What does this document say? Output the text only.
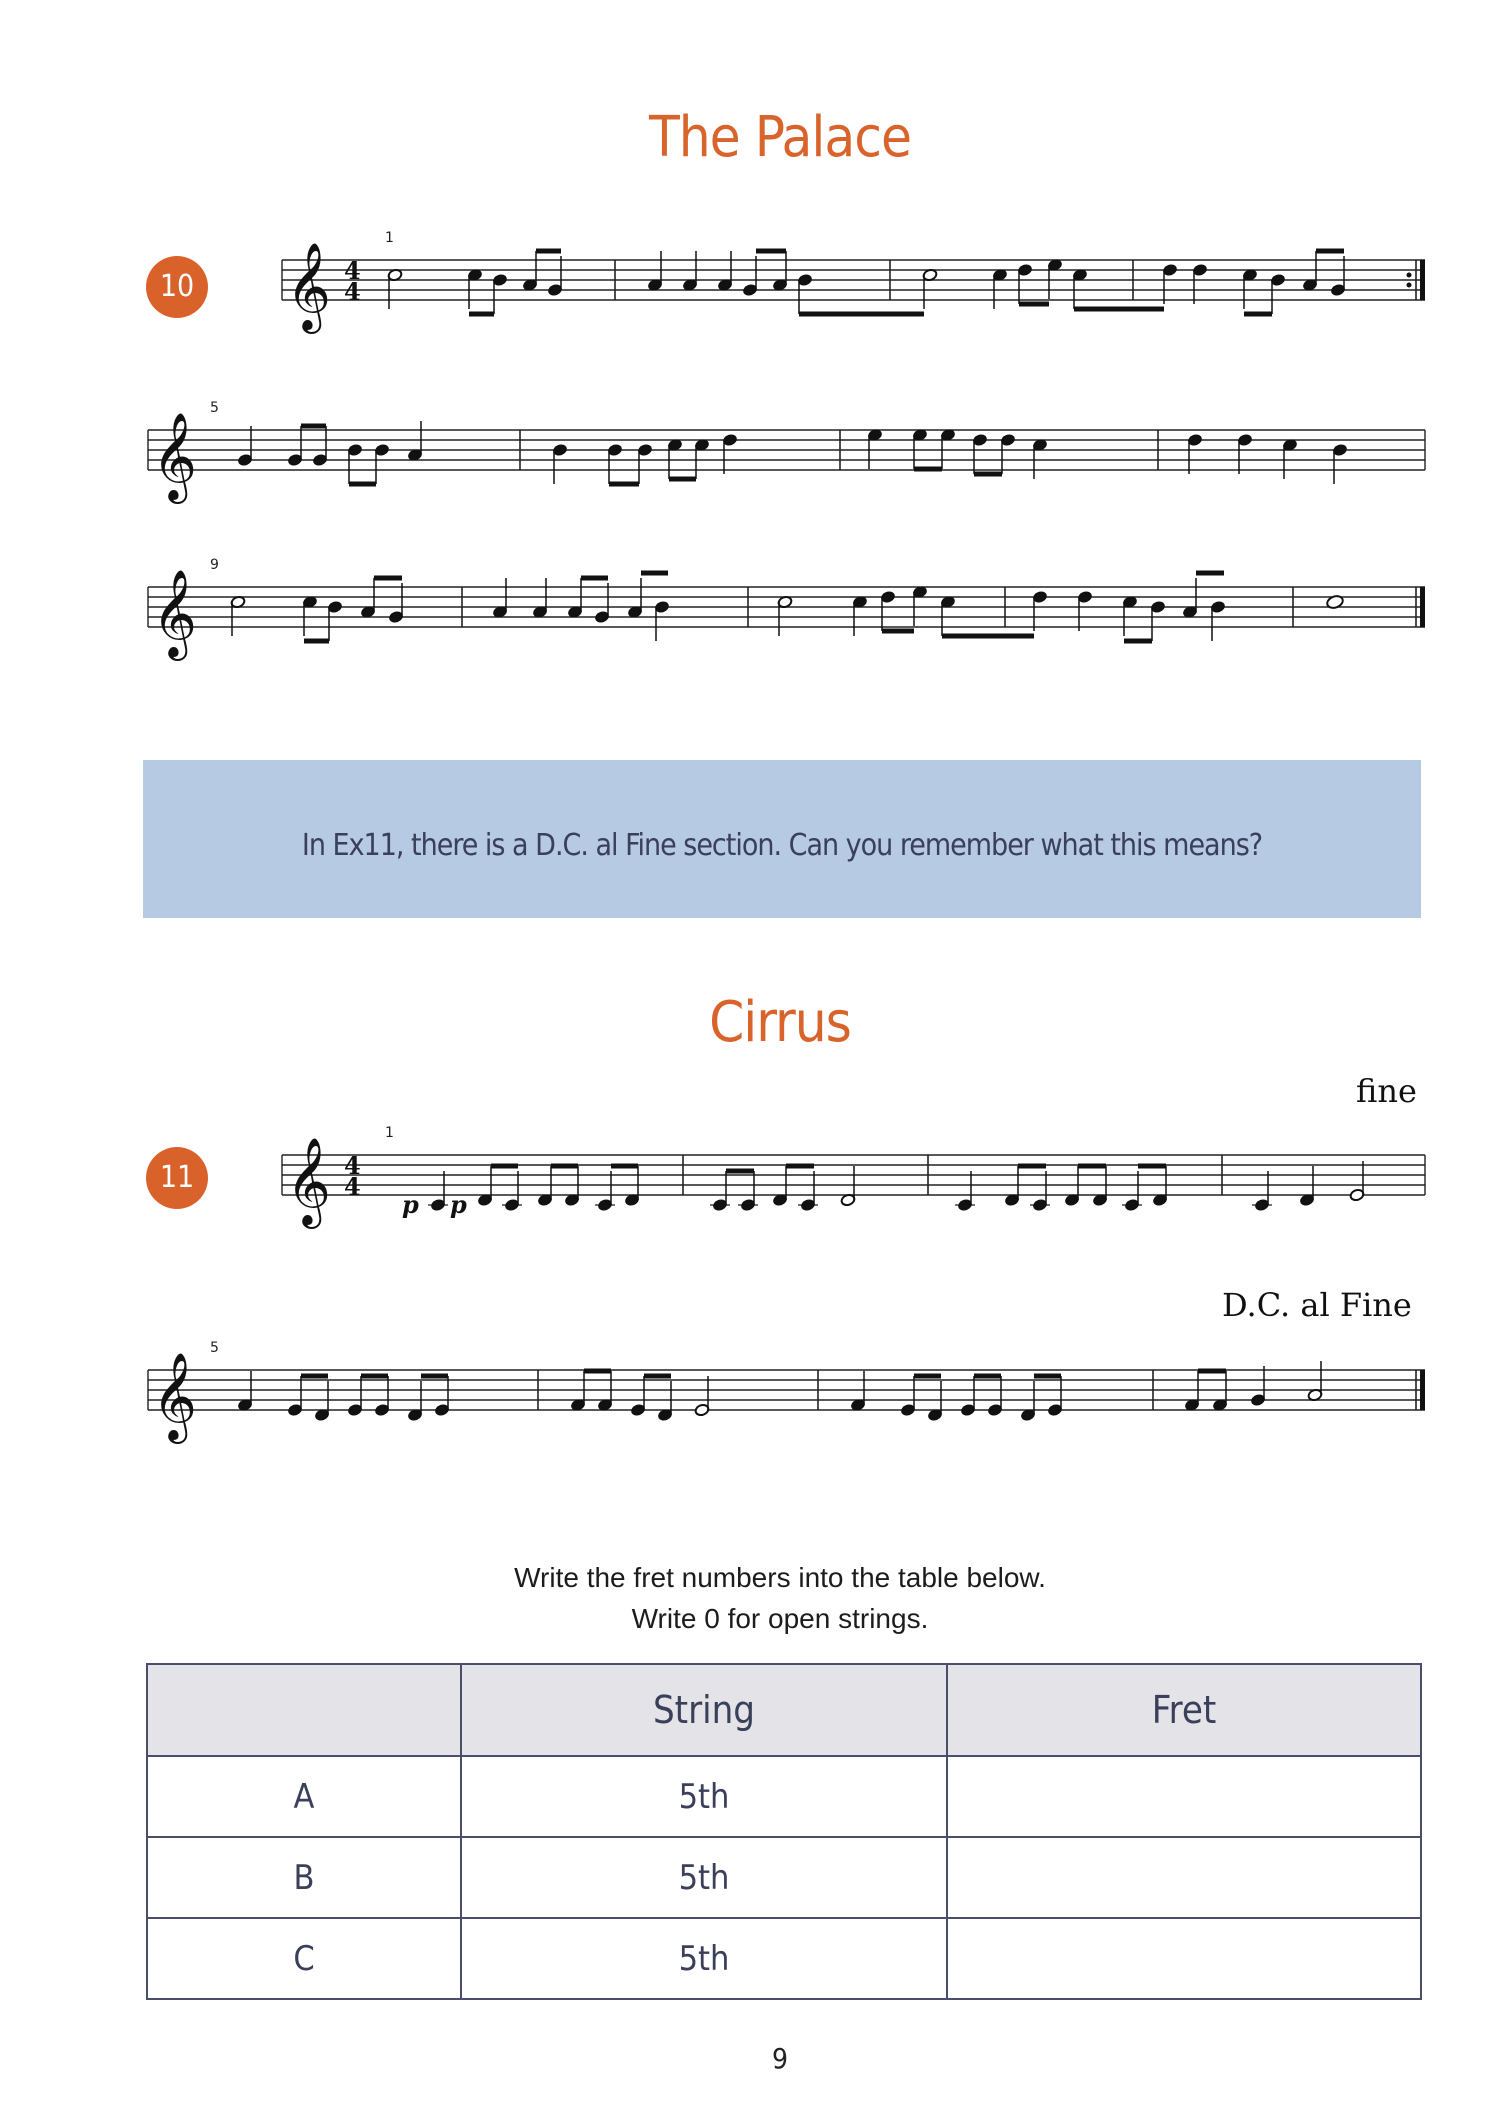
The Palace
10 𝄞 4
4
1
𝄞
5
𝄞
9
In Ex11, there is a D.C. al Fine section. Can you remember what this means?
Cirrus
fine
11 𝄞 4
4
1
p p
D.C. al Fine
𝄞
5
Write the fret numbers into the table below.
Write 0 for open strings.
	String	Fret
A	5th	
B	5th	
C	5th	
9
